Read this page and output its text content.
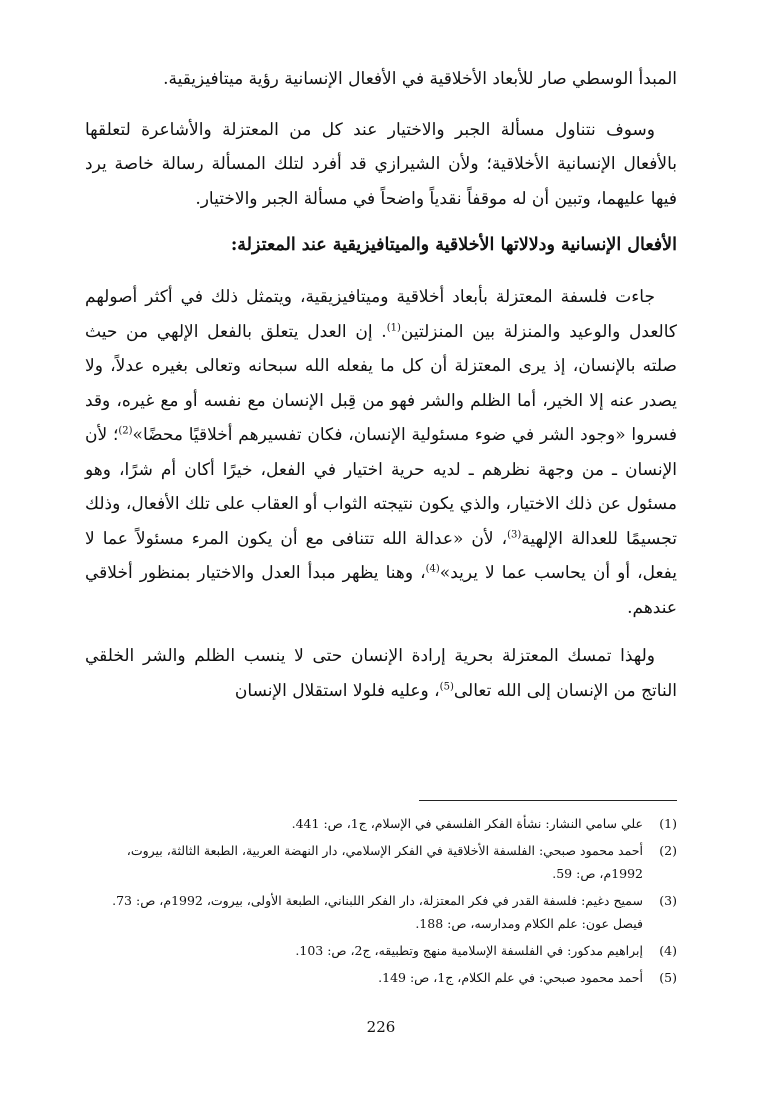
المبدأ الوسطي صار للأبعاد الأخلاقية في الأفعال الإنسانية رؤية ميتافيزيقية.

وسوف نتناول مسألة الجبر والاختيار عند كل من المعتزلة والأشاعرة لتعلقها بالأفعال الإنسانية الأخلاقية؛ ولأن الشيرازي قد أفرد لتلك المسألة رسالة خاصة يرد فيها عليهما، وتبين أن له موقفاً نقدياً واضحاً في مسألة الجبر والاختيار.

الأفعال الإنسانية ودلالاتها الأخلاقية والميتافيزيقية عند المعتزلة:

جاءت فلسفة المعتزلة بأبعاد أخلاقية وميتافيزيقية، ويتمثل ذلك في أكثر أصولهم كالعدل والوعيد والمنزلة بين المنزلتين$^{(1)}$. إن العدل يتعلق بالفعل الإلهي من حيث صلته بالإنسان، إذ يرى المعتزلة أن كل ما يفعله الله سبحانه وتعالى بغيره عدلاً، ولا يصدر عنه إلا الخير، أما الظلم والشر فهو من قِبل الإنسان مع نفسه أو مع غيره، وقد فسروا «وجود الشر في ضوء مسئولية الإنسان، فكان تفسيرهم أخلاقيًا محضًا»$^{(2)}$؛ لأن الإنسان ـ من وجهة نظرهم ـ لديه حرية اختيار في الفعل، خيرًا أكان أم شرًا، وهو مسئول عن ذلك الاختيار، والذي يكون نتيجته الثواب أو العقاب على تلك الأفعال، وذلك تجسيمًا للعدالة الإلهية$^{(3)}$، لأن «عدالة الله تتنافى مع أن يكون المرء مسئولاً عما لا يفعل، أو أن يحاسب عما لا يريد»$^{(4)}$، وهنا يظهر مبدأ العدل والاختيار بمنظور أخلاقي عندهم.

ولهذا تمسك المعتزلة بحرية إرادة الإنسان حتى لا ينسب الظلم والشر الخلقي الناتج من الإنسان إلى الله تعالى$^{(5)}$، وعليه فلولا استقلال الإنسان

(1)
علي سامي النشار: نشأة الفكر الفلسفي في الإسلام، ج1، ص: 441.
(2)
أحمد محمود صبحي: الفلسفة الأخلاقية في الفكر الإسلامي، دار النهضة العربية، الطبعة الثالثة، بيروت، 1992م، ص: 59.
(3)
سميح دغيم: فلسفة القدر في فكر المعتزلة، دار الفكر اللبناني، الطبعة الأولى، بيروت، 1992م، ص: 73. فيصل عون: علم الكلام ومدارسه، ص: 188.
(4)
إبراهيم مدكور: في الفلسفة الإسلامية منهج وتطبيقه، ج2، ص: 103.
(5)
أحمد محمود صبحي: في علم الكلام، ج1، ص: 149.
226
